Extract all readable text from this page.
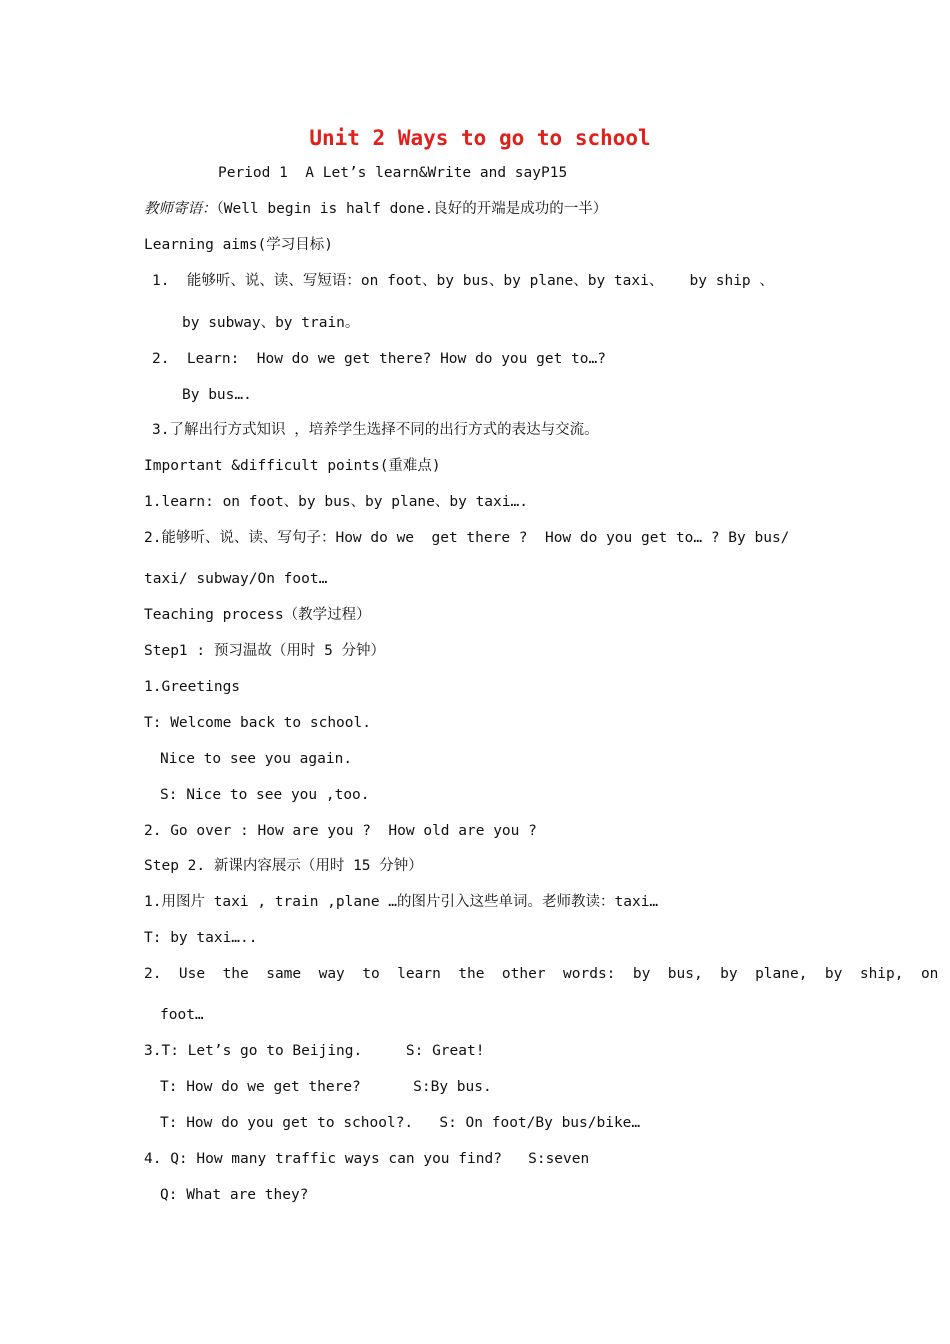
Unit 2 Ways to go to school
Period 1  A Let’s learn&Write and sayP15
教师寄语：（Well begin is half done.良好的开端是成功的一半）
Learning aims(学习目标)
1.  能够听、说、读、写短语：on foot、by bus、by plane、by taxi、   by ship 、
by subway、by train。
2.  Learn:  How do we get there? How do you get to…?
By bus….
3.了解出行方式知识 ，培养学生选择不同的出行方式的表达与交流。
Important &difficult points(重难点)
1.learn: on foot、by bus、by plane、by taxi….
2.能够听、说、读、写句子：How do we  get there ?  How do you get to… ? By bus/
taxi/ subway/On foot…
Teaching process（教学过程）
Step1 : 预习温故（用时 5 分钟）
1.Greetings
T: Welcome back to school.
Nice to see you again.
S: Nice to see you ,too.
2. Go over : How are you ?  How old are you ?
Step 2. 新课内容展示（用时 15 分钟）
1.用图片 taxi , train ,plane …的图片引入这些单词。老师教读：taxi…
T: by taxi…..
2.  Use  the  same  way  to  learn  the  other  words:  by  bus,  by  plane,  by  ship,  on
foot…
3.T: Let’s go to Beijing.     S: Great!
T: How do we get there?      S:By bus.
T: How do you get to school?.   S: On foot/By bus/bike…
4. Q: How many traffic ways can you find?   S:seven
Q: What are they?
